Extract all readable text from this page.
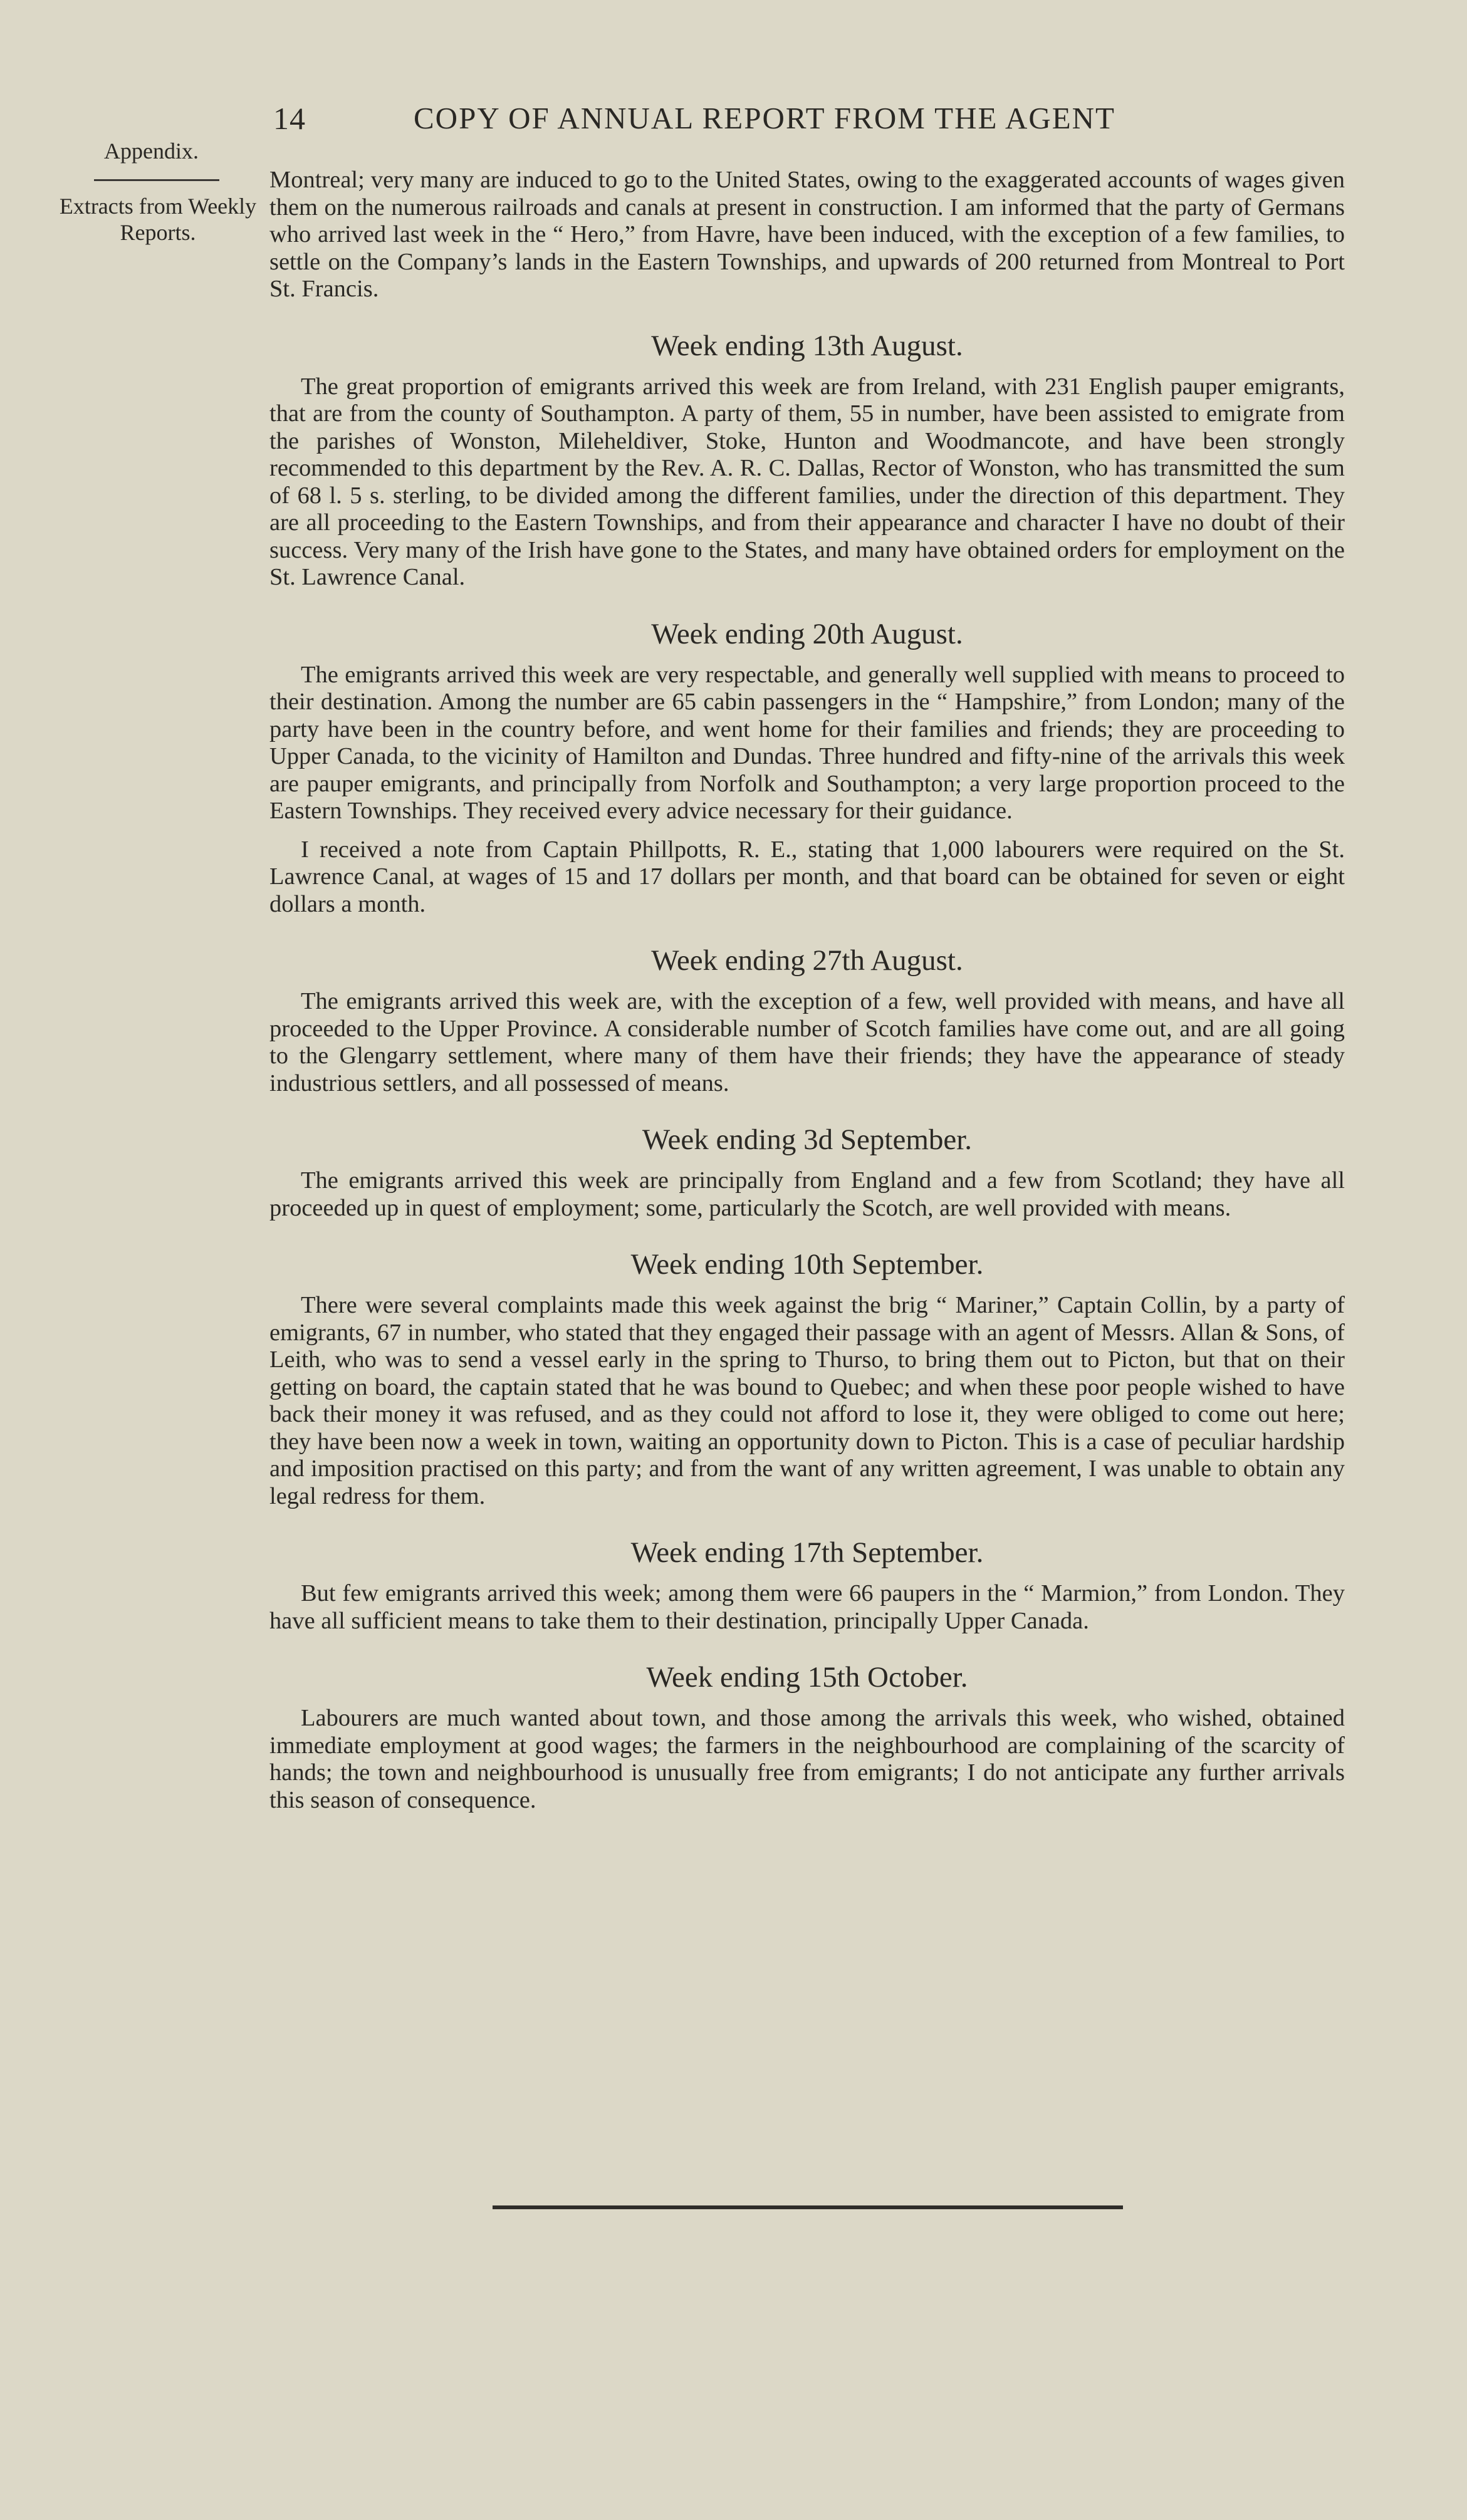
14	COPY OF ANNUAL REPORT FROM THE AGENT
Appendix.
Extracts from Weekly Reports.

Montreal; very many are induced to go to the United States, owing to the exaggerated accounts of wages given them on the numerous railroads and canals at present in construction. I am informed that the party of Germans who arrived last week in the “ Hero,” from Havre, have been induced, with the exception of a few families, to settle on the Company’s lands in the Eastern Townships, and upwards of 200 returned from Montreal to Port St. Francis.

Week ending 13th August.

The great proportion of emigrants arrived this week are from Ireland, with 231 English pauper emigrants, that are from the county of Southampton. A party of them, 55 in number, have been assisted to emigrate from the parishes of Wonston, Mileheldiver, Stoke, Hunton and Woodmancote, and have been strongly recommended to this department by the Rev. A. R. C. Dallas, Rector of Wonston, who has transmitted the sum of 68 l. 5 s. sterling, to be divided among the different families, under the direction of this department. They are all proceeding to the Eastern Townships, and from their appearance and character I have no doubt of their success. Very many of the Irish have gone to the States, and many have obtained orders for employment on the St. Lawrence Canal.

Week ending 20th August.

The emigrants arrived this week are very respectable, and generally well supplied with means to proceed to their destination. Among the number are 65 cabin passengers in the “ Hampshire,” from London; many of the party have been in the country before, and went home for their families and friends; they are proceeding to Upper Canada, to the vicinity of Hamilton and Dundas. Three hundred and fifty-nine of the arrivals this week are pauper emigrants, and principally from Norfolk and Southampton; a very large proportion proceed to the Eastern Townships. They received every advice necessary for their guidance.

I received a note from Captain Phillpotts, R. E., stating that 1,000 labourers were required on the St. Lawrence Canal, at wages of 15 and 17 dollars per month, and that board can be obtained for seven or eight dollars a month.

Week ending 27th August.

The emigrants arrived this week are, with the exception of a few, well provided with means, and have all proceeded to the Upper Province. A considerable number of Scotch families have come out, and are all going to the Glengarry settlement, where many of them have their friends; they have the appearance of steady industrious settlers, and all possessed of means.

Week ending 3d September.

The emigrants arrived this week are principally from England and a few from Scotland; they have all proceeded up in quest of employment; some, particularly the Scotch, are well provided with means.

Week ending 10th September.

There were several complaints made this week against the brig “ Mariner,” Captain Collin, by a party of emigrants, 67 in number, who stated that they engaged their passage with an agent of Messrs. Allan & Sons, of Leith, who was to send a vessel early in the spring to Thurso, to bring them out to Picton, but that on their getting on board, the captain stated that he was bound to Quebec; and when these poor people wished to have back their money it was refused, and as they could not afford to lose it, they were obliged to come out here; they have been now a week in town, waiting an opportunity down to Picton. This is a case of peculiar hardship and imposition practised on this party; and from the want of any written agreement, I was unable to obtain any legal redress for them.

Week ending 17th September.

But few emigrants arrived this week; among them were 66 paupers in the “ Marmion,” from London. They have all sufficient means to take them to their destination, principally Upper Canada.

Week ending 15th October.

Labourers are much wanted about town, and those among the arrivals this week, who wished, obtained immediate employment at good wages; the farmers in the neighbourhood are complaining of the scarcity of hands; the town and neighbourhood is unusually free from emigrants; I do not anticipate any further arrivals this season of consequence.
